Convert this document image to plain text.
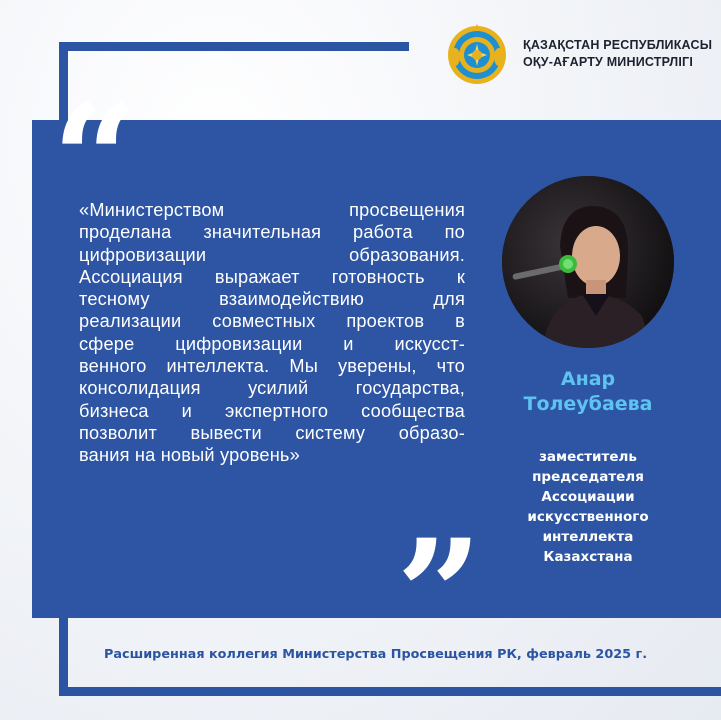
ҚАЗАҚСТАН РЕСПУБЛИКАСЫ
ОҚУ-АҒАРТУ МИНИСТРЛІГІ
“
«Министерством просвещения
проделана значительная работа по
цифровизации образования.
Ассоциация выражает готовность к
тесному взаимодействию для
реализации совместных проектов в
сфере цифровизации и искусст-
венного интеллекта. Мы уверены, что
консолидация усилий государства,
бизнеса и экспертного сообщества
позволит вывести систему образо-
вания на новый уровень»
”
Анар
Толеубаева
заместитель
председателя
Ассоциации
искусственного
интеллекта
Казахстана
Расширенная коллегия Министерства Просвещения РК, февраль 2025 г.
